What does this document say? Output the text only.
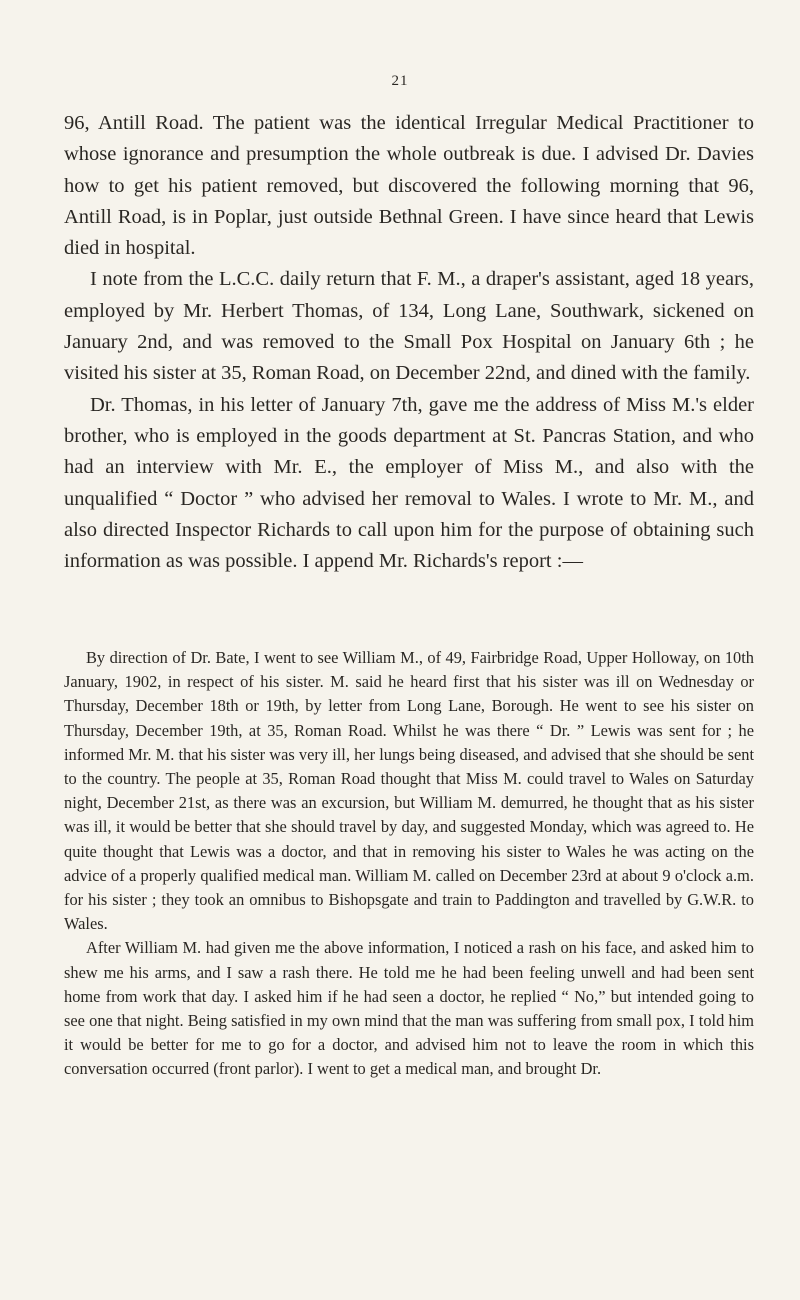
21

96, Antill Road. The patient was the identical Irregular Medical Practitioner to whose ignorance and presumption the whole outbreak is due. I advised Dr. Davies how to get his patient removed, but discovered the following morning that 96, Antill Road, is in Poplar, just outside Bethnal Green. I have since heard that Lewis died in hospital.

I note from the L.C.C. daily return that F. M., a draper's assistant, aged 18 years, employed by Mr. Herbert Thomas, of 134, Long Lane, Southwark, sickened on January 2nd, and was removed to the Small Pox Hospital on January 6th ; he visited his sister at 35, Roman Road, on December 22nd, and dined with the family.

Dr. Thomas, in his letter of January 7th, gave me the address of Miss M.'s elder brother, who is employed in the goods department at St. Pancras Station, and who had an interview with Mr. E., the employer of Miss M., and also with the unqualified “ Doctor ” who advised her removal to Wales. I wrote to Mr. M., and also directed Inspector Richards to call upon him for the purpose of obtaining such information as was possible. I append Mr. Richards's report :—

By direction of Dr. Bate, I went to see William M., of 49, Fairbridge Road, Upper Holloway, on 10th January, 1902, in respect of his sister. M. said he heard first that his sister was ill on Wednesday or Thursday, December 18th or 19th, by letter from Long Lane, Borough. He went to see his sister on Thursday, December 19th, at 35, Roman Road. Whilst he was there “ Dr. ” Lewis was sent for ; he informed Mr. M. that his sister was very ill, her lungs being diseased, and advised that she should be sent to the country. The people at 35, Roman Road thought that Miss M. could travel to Wales on Saturday night, December 21st, as there was an excursion, but William M. demurred, he thought that as his sister was ill, it would be better that she should travel by day, and suggested Monday, which was agreed to. He quite thought that Lewis was a doctor, and that in removing his sister to Wales he was acting on the advice of a properly qualified medical man. William M. called on December 23rd at about 9 o'clock a.m. for his sister ; they took an omnibus to Bishopsgate and train to Paddington and travelled by G.W.R. to Wales.

After William M. had given me the above information, I noticed a rash on his face, and asked him to shew me his arms, and I saw a rash there. He told me he had been feeling unwell and had been sent home from work that day. I asked him if he had seen a doctor, he replied “ No,” but intended going to see one that night. Being satisfied in my own mind that the man was suffering from small pox, I told him it would be better for me to go for a doctor, and advised him not to leave the room in which this conversation occurred (front parlor). I went to get a medical man, and brought Dr.
